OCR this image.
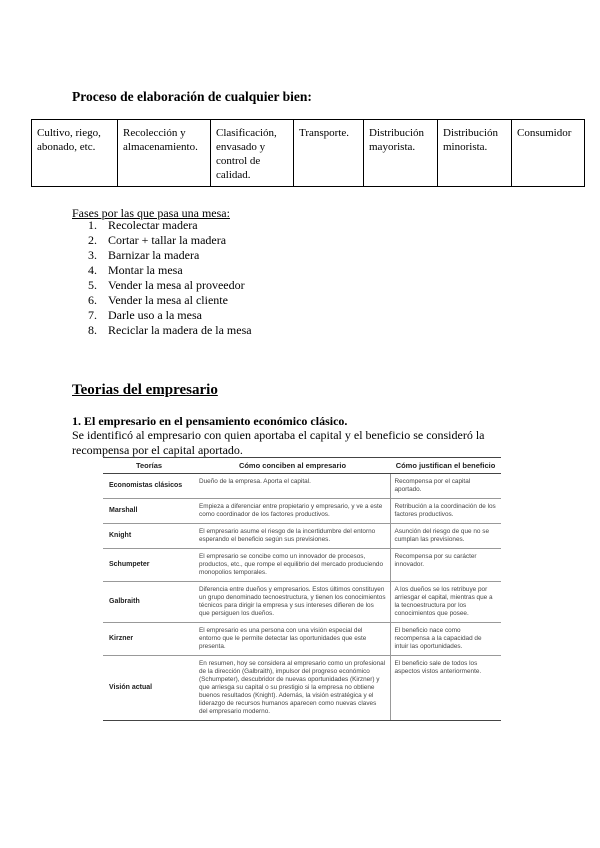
Proceso de elaboración de cualquier bien:
Cultivo, riego, abonado, etc.	Recolección y almacenamiento.	Clasificación, envasado y control de calidad.	Transporte.	Distribución mayorista.	Distribución minorista.	Consumidor
Fases por las que pasa una mesa:
1. Recolectar madera
2. Cortar + tallar la madera
3. Barnizar la madera
4. Montar la mesa
5. Vender la mesa al proveedor
6. Vender la mesa al cliente
7. Darle uso a la mesa
8. Reciclar la madera de la mesa
Teorias del empresario
1. El empresario en el pensamiento económico clásico.
Se identificó al empresario con quien aportaba el capital y el beneficio se consideró la recompensa por el capital aportado.
Teorías	Cómo conciben al empresario	Cómo justifican el beneficio
Economistas clásicos	Dueño de la empresa. Aporta el capital.	Recompensa por el capital aportado.
Marshall	Empieza a diferenciar entre propietario y empresario, y ve a este como coordinador de los factores productivos.	Retribución a la coordinación de los factores productivos.
Knight	El empresario asume el riesgo de la incertidumbre del entorno esperando el beneficio según sus previsiones.	Asunción del riesgo de que no se cumplan las previsiones.
Schumpeter	El empresario se concibe como un innovador de procesos, productos, etc., que rompe el equilibrio del mercado produciendo monopolios temporales.	Recompensa por su carácter innovador.
Galbraith	Diferencia entre dueños y empresarios. Estos últimos constituyen un grupo denominado tecnoestructura, y tienen los conocimientos técnicos para dirigir la empresa y sus intereses difieren de los que persiguen los dueños.	A los dueños se los retribuye por arriesgar el capital, mientras que a la tecnoestructura por los conocimientos que posee.
Kirzner	El empresario es una persona con una visión especial del entorno que le permite detectar las oportunidades que este presenta.	El beneficio nace como recompensa a la capacidad de intuir las oportunidades.
Visión actual	En resumen, hoy se considera al empresario como un profesional de la dirección (Galbraith), impulsor del progreso económico (Schumpeter), descubridor de nuevas oportunidades (Kirzner) y que arriesga su capital o su prestigio si la empresa no obtiene buenos resultados (Knight). Además, la visión estratégica y el liderazgo de recursos humanos aparecen como nuevas claves del empresario moderno.	El beneficio sale de todos los aspectos vistos anteriormente.
